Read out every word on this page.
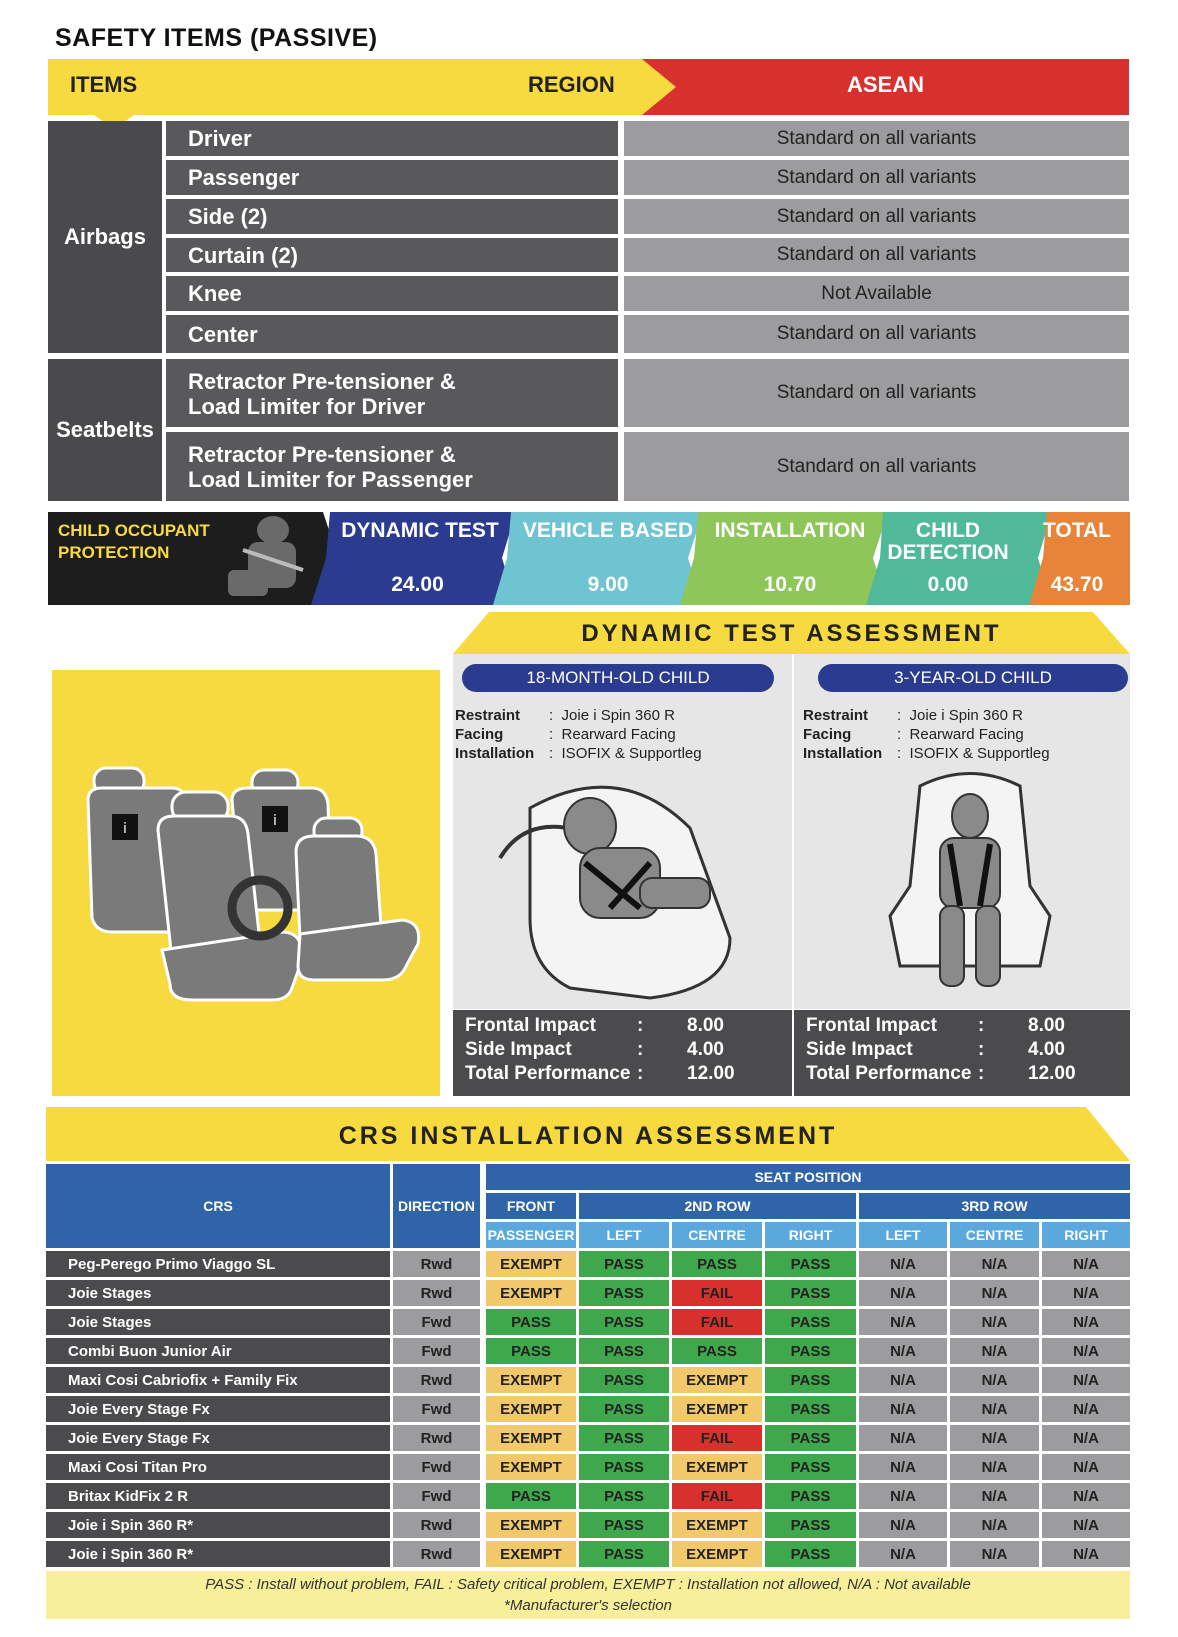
SAFETY ITEMS (PASSIVE)
ITEMS	REGION	ASEAN
Airbags
Driver	Standard on all variants
Passenger	Standard on all variants
Side (2)	Standard on all variants
Curtain (2)	Standard on all variants
Knee	Not Available
Center	Standard on all variants
Seatbelts
Retractor Pre-tensioner &
Load Limiter for Driver
Standard on all variants
Retractor Pre-tensioner &
Load Limiter for Passenger
Standard on all variants
CHILD OCCUPANT
PROTECTION
DYNAMIC TEST
24.00
VEHICLE BASED
9.00
INSTALLATION
10.70
CHILD
DETECTION
0.00
TOTAL
43.70
DYNAMIC TEST ASSESSMENT
i	i
18-MONTH-OLD CHILD	3-YEAR-OLD CHILD
Restraint :  Joie i Spin 360 R
Facing	:  Rearward Facing
Installation :  ISOFIX & Supportleg
Restraint :  Joie i Spin 360 R
Facing	:  Rearward Facing
Installation :  ISOFIX & Supportleg
Frontal Impact	:	8.00
Side Impact	:	4.00
Total Performance :	12.00
Frontal Impact	:	8.00
Side Impact	:	4.00
Total Performance :	12.00
CRS INSTALLATION ASSESSMENT
CRS	DIRECTION
SEAT POSITION
FRONT	2ND ROW	3RD ROW
PASSENGER	LEFT	CENTRE	RIGHT	LEFT	CENTRE	RIGHT
Peg-Perego Primo Viaggo SL	Rwd	EXEMPT	PASS	PASS	PASS	N/A	N/A	N/A
Joie Stages	Rwd	EXEMPT	PASS	FAIL	PASS	N/A	N/A	N/A
Joie Stages	Fwd	PASS	PASS	FAIL	PASS	N/A	N/A	N/A
Combi Buon Junior Air	Fwd	PASS	PASS	PASS	PASS	N/A	N/A	N/A
Maxi Cosi Cabriofix + Family Fix	Rwd	EXEMPT	PASS	EXEMPT	PASS	N/A	N/A	N/A
Joie Every Stage Fx	Fwd	EXEMPT	PASS	EXEMPT	PASS	N/A	N/A	N/A
Joie Every Stage Fx	Rwd	EXEMPT	PASS	FAIL	PASS	N/A	N/A	N/A
Maxi Cosi Titan Pro	Fwd	EXEMPT	PASS	EXEMPT	PASS	N/A	N/A	N/A
Britax KidFix 2 R	Fwd	PASS	PASS	FAIL	PASS	N/A	N/A	N/A
Joie i Spin 360 R*	Rwd	EXEMPT	PASS	EXEMPT	PASS	N/A	N/A	N/A
Joie i Spin 360 R*	Rwd	EXEMPT	PASS	EXEMPT	PASS	N/A	N/A	N/A
PASS : Install without problem, FAIL : Safety critical problem, EXEMPT : Installation not allowed, N/A : Not available
*Manufacturer's selection
